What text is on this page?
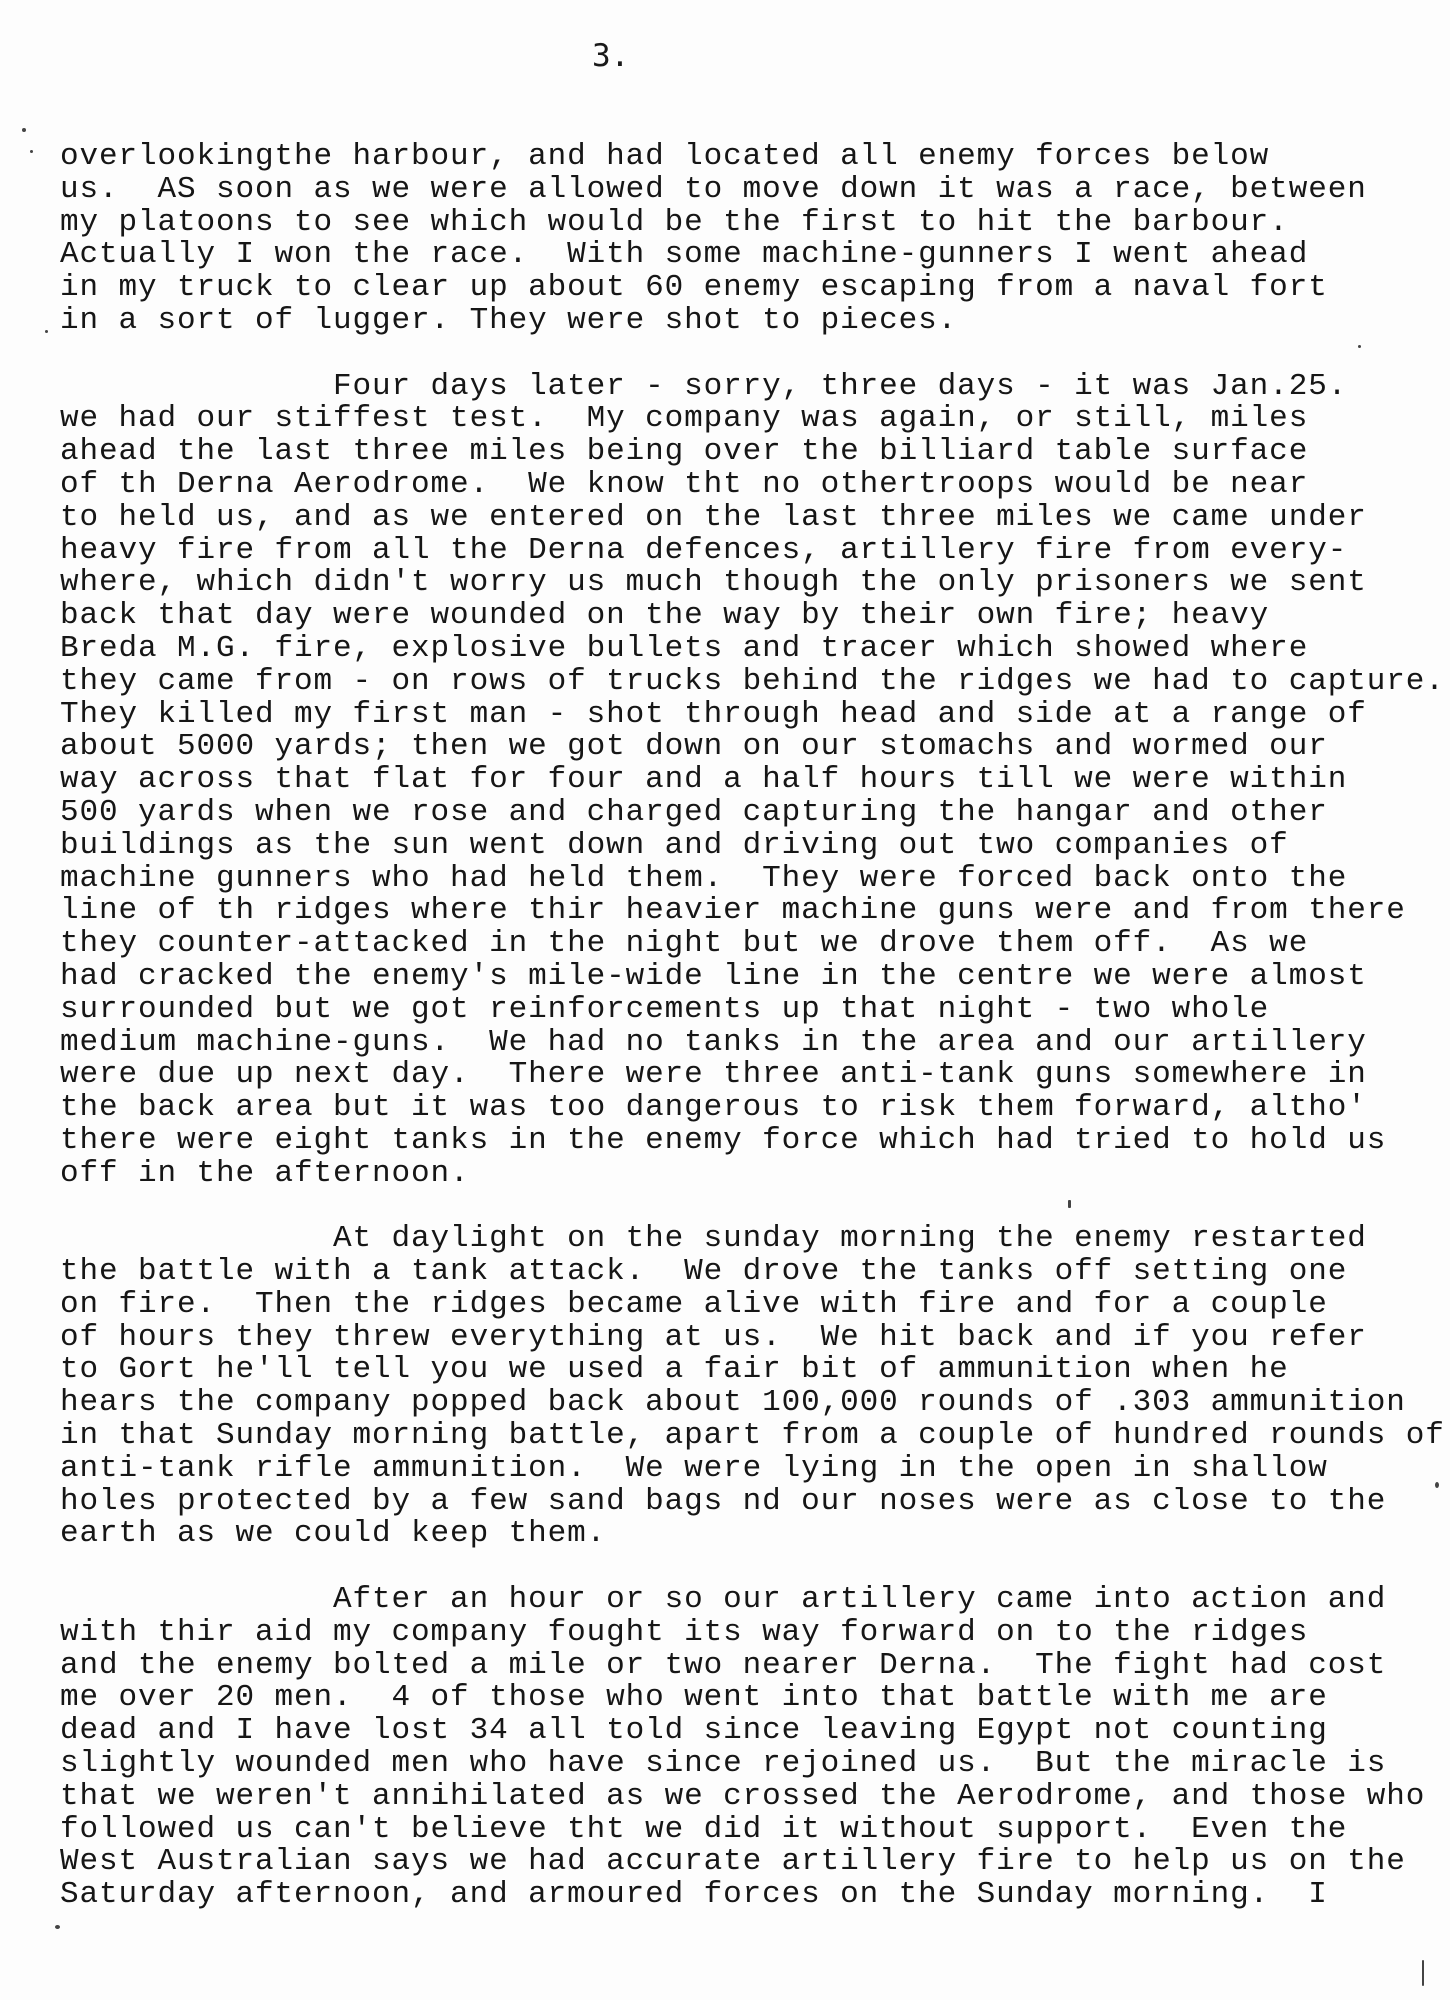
3.
overlookingthe harbour, and had located all enemy forces below
us.  AS soon as we were allowed to move down it was a race, between
my platoons to see which would be the first to hit the barbour.
Actually I won the race.  With some machine-gunners I went ahead
in my truck to clear up about 60 enemy escaping from a naval fort
in a sort of lugger. They were shot to pieces.
Four days later - sorry, three days - it was Jan.25.
we had our stiffest test.  My company was again, or still, miles
ahead the last three miles being over the billiard table surface
of th Derna Aerodrome.  We know tht no othertroops would be near
to held us, and as we entered on the last three miles we came under
heavy fire from all the Derna defences, artillery fire from every-
where, which didn't worry us much though the only prisoners we sent
back that day were wounded on the way by their own fire; heavy
Breda M.G. fire, explosive bullets and tracer which showed where
they came from - on rows of trucks behind the ridges we had to capture.
They killed my first man - shot through head and side at a range of
about 5000 yards; then we got down on our stomachs and wormed our
way across that flat for four and a half hours till we were within
500 yards when we rose and charged capturing the hangar and other
buildings as the sun went down and driving out two companies of
machine gunners who had held them.  They were forced back onto the
line of th ridges where thir heavier machine guns were and from there
they counter-attacked in the night but we drove them off.  As we
had cracked the enemy's mile-wide line in the centre we were almost
surrounded but we got reinforcements up that night - two whole
medium machine-guns.  We had no tanks in the area and our artillery
were due up next day.  There were three anti-tank guns somewhere in
the back area but it was too dangerous to risk them forward, altho'
there were eight tanks in the enemy force which had tried to hold us
off in the afternoon.
At daylight on the sunday morning the enemy restarted
the battle with a tank attack.  We drove the tanks off setting one
on fire.  Then the ridges became alive with fire and for a couple
of hours they threw everything at us.  We hit back and if you refer
to Gort he'll tell you we used a fair bit of ammunition when he
hears the company popped back about 100,000 rounds of .303 ammunition
in that Sunday morning battle, apart from a couple of hundred rounds of
anti-tank rifle ammunition.  We were lying in the open in shallow
holes protected by a few sand bags nd our noses were as close to the
earth as we could keep them.
After an hour or so our artillery came into action and
with thir aid my company fought its way forward on to the ridges
and the enemy bolted a mile or two nearer Derna.  The fight had cost
me over 20 men.  4 of those who went into that battle with me are
dead and I have lost 34 all told since leaving Egypt not counting
slightly wounded men who have since rejoined us.  But the miracle is
that we weren't annihilated as we crossed the Aerodrome, and those who
followed us can't believe tht we did it without support.  Even the
West Australian says we had accurate artillery fire to help us on the
Saturday afternoon, and armoured forces on the Sunday morning.  I
